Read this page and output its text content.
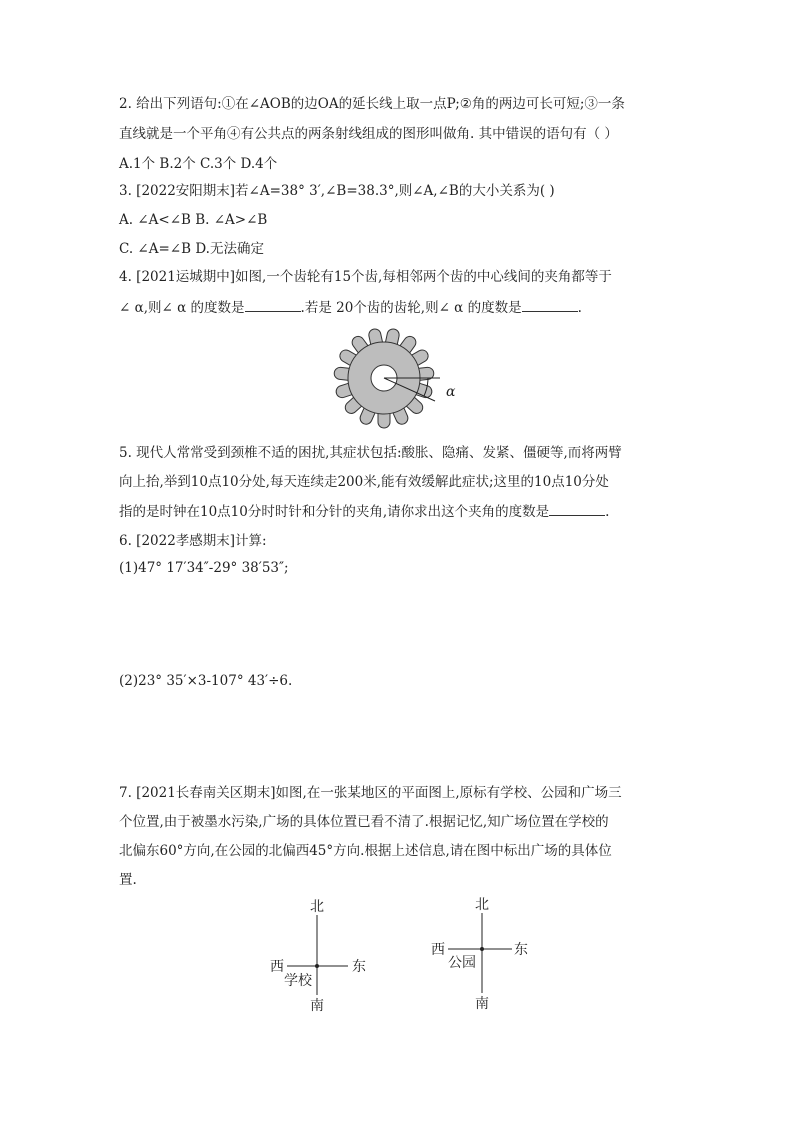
2. 给出下列语句:①在∠AOB的边OA的延长线上取一点P;②角的两边可长可短;③一条
直线就是一个平角④有公共点的两条射线组成的图形叫做角. 其中错误的语句有（ ）
A.1个 B.2个 C.3个 D.4个
3. [2022安阳期末]若∠A=38° 3′,∠B=38.3°,则∠A,∠B的大小关系为( )
A. ∠A<∠B B. ∠A>∠B
C. ∠A=∠B D.无法确定
4. [2021运城期中]如图,一个齿轮有15个齿,每相邻两个齿的中心线间的夹角都等于
∠ α,则∠ α 的度数是	.若是 20个齿的齿轮,则∠ α 的度数是	.
α
5. 现代人常常受到颈椎不适的困扰,其症状包括:酸胀、隐痛、发紧、僵硬等,而将两臂
向上抬,举到10点10分处,每天连续走200米,能有效缓解此症状;这里的10点10分处
指的是时钟在10点10分时时针和分针的夹角,请你求出这个夹角的度数是	.
6. [2022孝感期末]计算:
(1)47° 17′34″-29° 38′53″;
(2)23° 35′×3-107° 43′÷6.
7. [2021长春南关区期末]如图,在一张某地区的平面图上,原标有学校、公园和广场三
个位置,由于被墨水污染,广场的具体位置已看不清了.根据记忆,知广场位置在学校的
北偏东60°方向,在公园的北偏西45°方向.根据上述信息,请在图中标出广场的具体位
置.
北
南
西	东
学校
北
南
西	东
公园
